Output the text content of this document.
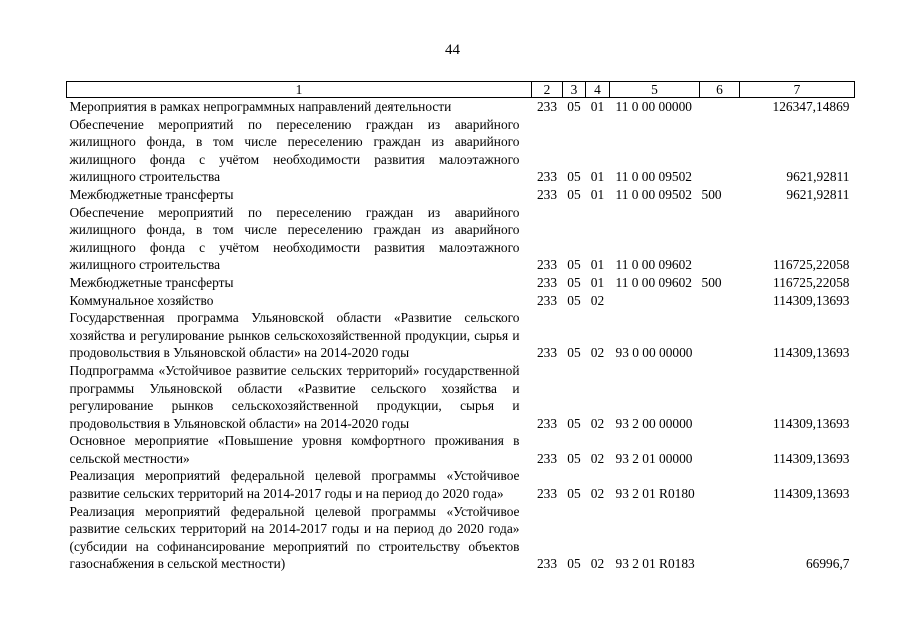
44
1	2	3	4	5	6	7
Мероприятия в рамках непрограммных направлений деятельности	233	05	01	11 0 00 00000		126347,14869
Обеспечение мероприятий по переселению граждан из аварийного жилищного фонда, в том числе переселению граждан из аварийного жилищного фонда с учётом необходимости развития малоэтажного жилищного строительства	233	05	01	11 0 00 09502		9621,92811
Межбюджетные трансферты	233	05	01	11 0 00 09502	500	9621,92811
Обеспечение мероприятий по переселению граждан из аварийного жилищного фонда, в том числе переселению граждан из аварийного жилищного фонда с учётом необходимости развития малоэтажного жилищного строительства	233	05	01	11 0 00 09602		116725,22058
Межбюджетные трансферты	233	05	01	11 0 00 09602	500	116725,22058
Коммунальное хозяйство	233	05	02			114309,13693
Государственная программа Ульяновской области «Развитие сельского хозяйства и регулирование рынков сельскохозяйственной продукции, сырья и продовольствия в Ульяновской области» на 2014-2020 годы	233	05	02	93 0 00 00000		114309,13693
Подпрограмма «Устойчивое развитие сельских территорий» государственной программы Ульяновской области «Развитие сельского хозяйства и регулирование рынков сельскохозяйственной продукции, сырья и продовольствия в Ульяновской области» на 2014-2020 годы	233	05	02	93 2 00 00000		114309,13693
Основное мероприятие «Повышение уровня комфортного проживания в сельской местности»	233	05	02	93 2 01 00000		114309,13693
Реализация мероприятий федеральной целевой программы «Устойчивое развитие сельских территорий на 2014-2017 годы и на период до 2020 года»	233	05	02	93 2 01 R0180		114309,13693
Реализация мероприятий федеральной целевой программы «Устойчивое развитие сельских территорий на 2014-2017 годы и на период до 2020 года» (субсидии на софинансирование мероприятий по строительству объектов газоснабжения в сельской местности)	233	05	02	93 2 01 R0183		66996,7
